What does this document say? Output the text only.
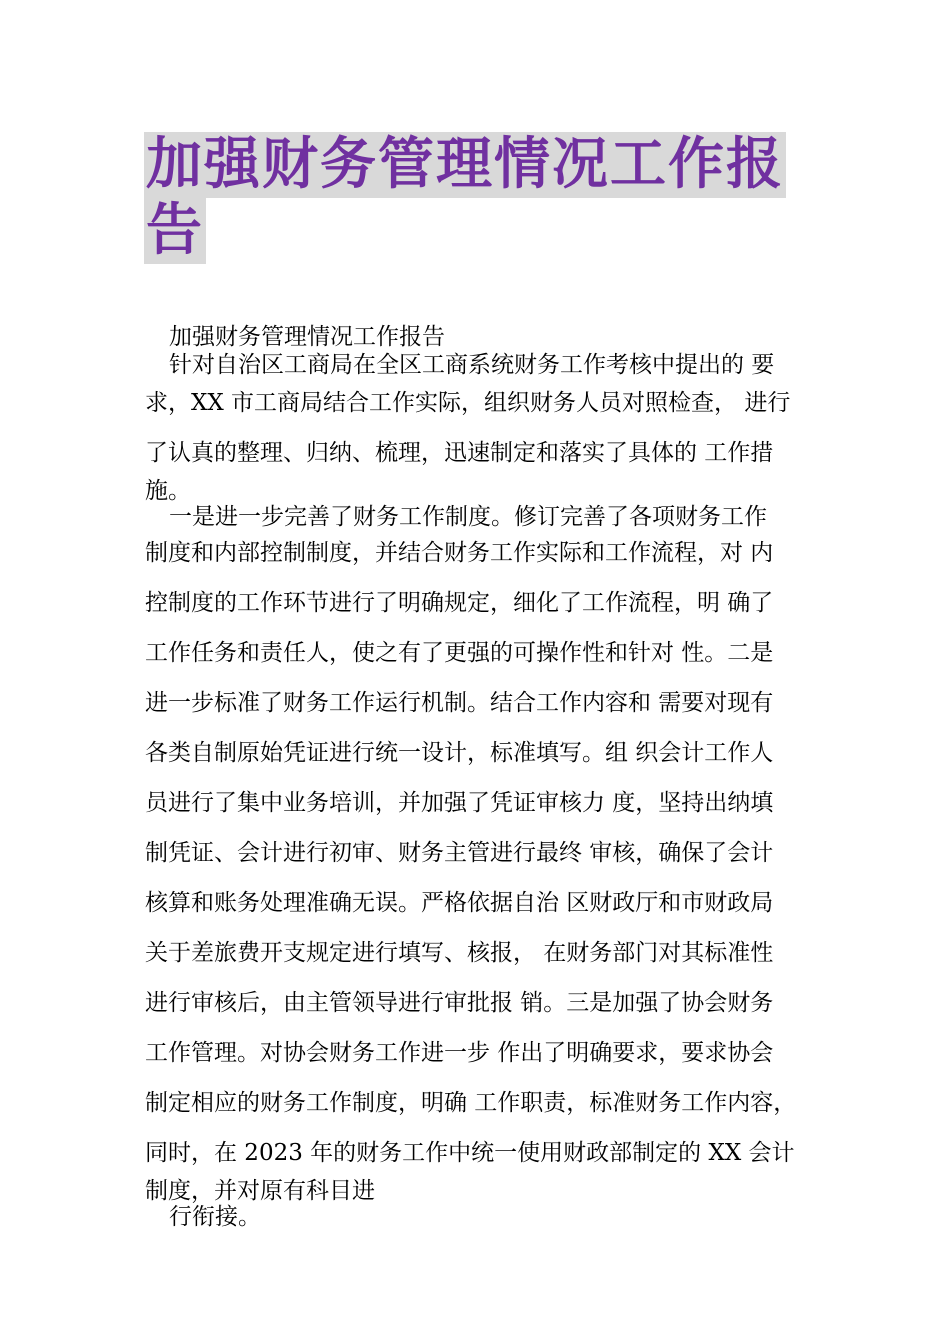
加强财务管理情况工作报
告
加强财务管理情况工作报告
针对自治区工商局在全区工商系统财务工作考核中提出的 要
求，XX 市工商局结合工作实际，组织财务人员对照检查， 进行
了认真的整理、归纳、梳理，迅速制定和落实了具体的 工作措
施。
一是进一步完善了财务工作制度。修订完善了各项财务工作
制度和内部控制制度，并结合财务工作实际和工作流程，对 内
控制度的工作环节进行了明确规定，细化了工作流程，明 确了
工作任务和责任人，使之有了更强的可操作性和针对 性。二是
进一步标准了财务工作运行机制。结合工作内容和 需要对现有
各类自制原始凭证进行统一设计，标准填写。组 织会计工作人
员进行了集中业务培训，并加强了凭证审核力 度，坚持出纳填
制凭证、会计进行初审、财务主管进行最终 审核，确保了会计
核算和账务处理准确无误。严格依据自治 区财政厅和市财政局
关于差旅费开支规定进行填写、核报， 在财务部门对其标准性
进行审核后，由主管领导进行审批报 销。三是加强了协会财务
工作管理。对协会财务工作进一步 作出了明确要求，要求协会
制定相应的财务工作制度，明确 工作职责，标准财务工作内容，
同时，在 2023 年的财务工作中统一使用财政部制定的 XX 会计
制度，并对原有科目进
行衔接。
